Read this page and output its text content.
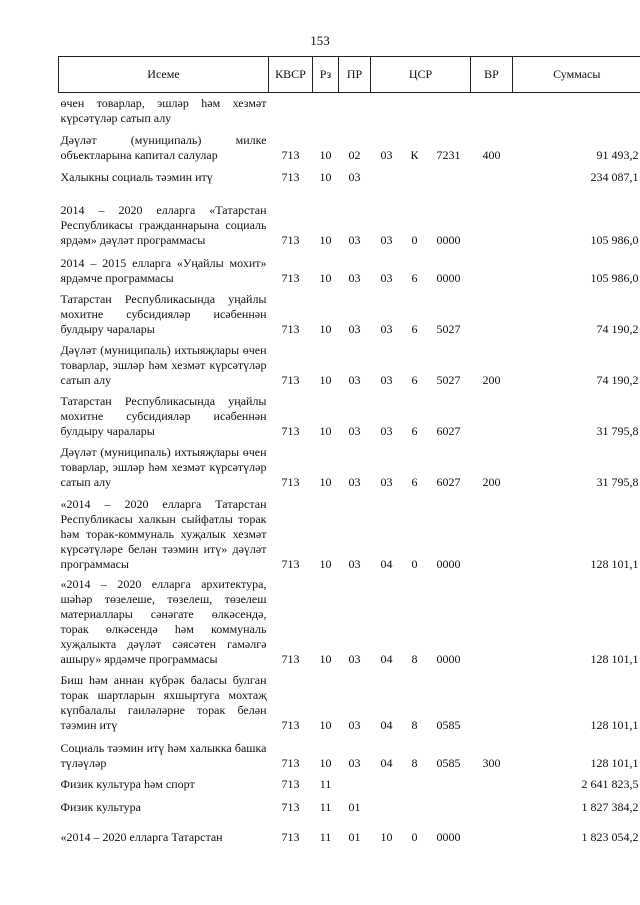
153
Исеме	КВСР	Рз	ПР	ЦСР			ВР	Суммасы
өчен товарлар, эшләр һәм хезмәт күрсәтүләр сатып алу								
Дәүләт (муниципаль) милке объектларына капитал салулар	713	10	02	03	К	7231	400	91 493,2
Халыкны социаль тәэмин итү	713	10	03					234 087,1
2014 – 2020 елларга «Татарстан Республикасы гражданнарына социаль ярдәм» дәүләт программасы	713	10	03	03	0	0000		105 986,0
2014 – 2015 елларга «Уңайлы мохит» ярдәмче программасы	713	10	03	03	6	0000		105 986,0
Татарстан Республикасында уңайлы мохитне субсидияләр исәбеннән булдыру чаралары	713	10	03	03	6	5027		74 190,2
Дәүләт (муниципаль) ихтыяҗлары өчен товарлар, эшләр һәм хезмәт күрсәтүләр сатып алу	713	10	03	03	6	5027	200	74 190,2
Татарстан Республикасында уңайлы мохитне субсидияләр исәбеннән булдыру чаралары	713	10	03	03	6	6027		31 795,8
Дәүләт (муниципаль) ихтыяҗлары өчен товарлар, эшләр һәм хезмәт күрсәтүләр сатып алу	713	10	03	03	6	6027	200	31 795,8
«2014 – 2020 елларга Татарстан Республикасы халкын сыйфатлы торак һәм торак-коммуналь хуҗалык хезмәт күрсәтүләре белән тәэмин итү» дәүләт программасы	713	10	03	04	0	0000		128 101,1
«2014 – 2020 елларга архитектура, шәһәр төзелеше, төзелеш, төзелеш материаллары сәнәгате өлкәсендә, торак өлкәсендә һәм коммуналь хуҗалыкта дәүләт сәясәтен гамәлгә ашыру» ярдәмче программасы	713	10	03	04	8	0000		128 101,1
Биш һәм аннан күбрәк баласы булган торак шартларын яхшыртуга мохтаҗ күпбалалы гаиләләрне торак белән тәэмин итү	713	10	03	04	8	0585		128 101,1
Социаль тәэмин итү һәм халыкка башка түләүләр	713	10	03	04	8	0585	300	128 101,1
Физик культура һәм спорт	713	11						2 641 823,5
Физик культура	713	11	01					1 827 384,2
«2014 – 2020 елларга Татарстан	713	11	01	10	0	0000		1 823 054,2
